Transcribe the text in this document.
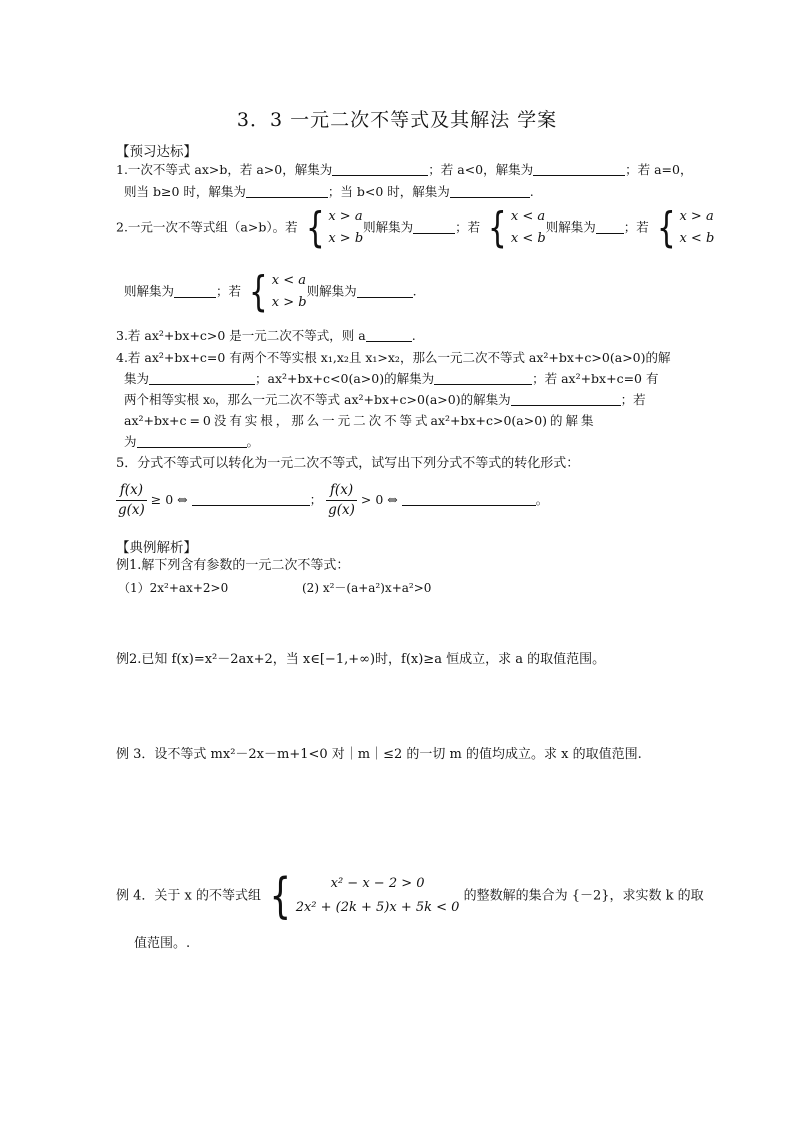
3．3 一元二次不等式及其解法 学案
【预习达标】
1.一次不等式 ax>b，若 a>0，解集为	；若 a<0，解集为	；若 a=0，
则当 b≥0 时，解集为	；当 b<0 时，解集为	.
2.一元一次不等式组（a>b）。若 { x > a
x > b
则解集为	；若 { x < a
x < b
则解集为 ；若 { x > a
x < b
则解集为	；若 { x < a
x > b
则解集为	.
3.若 ax²+bx+c>0 是一元二次不等式，则 a	.
4.若 ax²+bx+c=0 有两个不等实根 x₁,x₂且 x₁>x₂，那么一元二次不等式 ax²+bx+c>0(a>0)的解
集为	；ax²+bx+c<0(a>0)的解集为	；若 ax²+bx+c=0 有
两个相等实根 x₀，那么一元二次不等式 ax²+bx+c>0(a>0)的解集为	；若
ax²+bx+c = 0 没 有 实 根 ， 那 么 一 元 二 次 不 等 式 ax²+bx+c>0(a>0) 的 解 集
为	。
5．分式不等式可以转化为一元二次不等式，试写出下列分式不等式的转化形式：
$\frac{f(x)}{g(x)} \ge 0$ ⇔	； $\frac{f(x)}{g(x)} > 0$ ⇔	。
【典例解析】
例1.解下列含有参数的一元二次不等式：
（1）2x²+ax+2>0	(2) x²－(a+a²)x+a²>0
例2.已知 f(x)=x²－2ax+2，当 x∈[−1,+∞)时，f(x)≥a 恒成立，求 a 的取值范围。
例 3．设不等式 mx²－2x－m+1<0 对｜m｜≤2 的一切 m 的值均成立。求 x 的取值范围.
例 4．关于 x 的不等式组 {	x² − x − 2 > 0
2x² + (2k + 5)x + 5k < 0
的整数解的集合为 {－2}，求实数 k 的取
值范围。.
